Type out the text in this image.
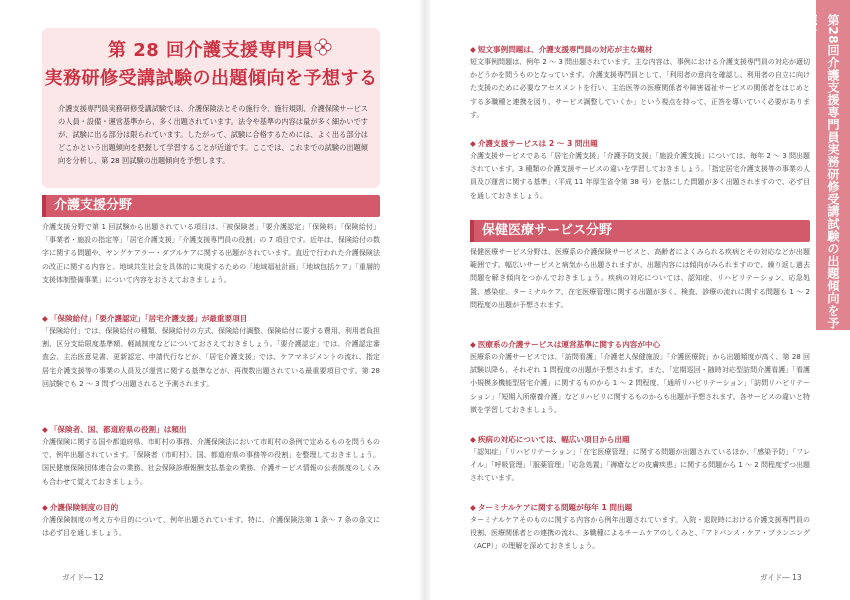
第 28 回介護支援専門員
実務研修受講試験の出題傾向を予想する
介護支援専門員実務研修受講試験では、介護保険法とその施行令、施行規則、介護保険サービスの人員・設備・運営基準から、多く出題されています。法令や基準の内容は量が多く細かいですが、試験に出る部分は限られています。したがって、試験に合格するためには、よく出る部分はどこかという出題傾向を把握して学習することが近道です。ここでは、これまでの試験の出題傾向を分析し、第 28 回試験の出題傾向を予想します。
介護支援分野
介護支援分野で第 1 回試験から出題されている項目は、「被保険者」「要介護認定」「保険料」「保険給付」「事業者・施設の指定等」「居宅介護支援」「介護支援専門員の役割」の 7 項目です。近年は、保険給付の数字に関する問題や、ヤングケアラー・ダブルケアに関する出題がされています。直近で行われた介護保険法の改正に関する内容と、地域共生社会を具体的に実現するための「地域福祉計画」「地域包括ケア」「重層的支援体制整備事業」について内容をおさえておきましょう。
◆ 「保険給付」「要介護認定」「居宅介護支援」が最重要項目
「保険給付」では、保険給付の種類、保険給付の方式、保険給付調整、保険給付に要する費用、利用者負担割、区分支給限度基準額、軽減制度などについておさえておきましょう。「要介護認定」では、介護認定審査会、主治医意見書、更新認定、申請代行などが、「居宅介護支援」では、ケアマネジメントの流れ、指定居宅介護支援等の事業の人員及び運営に関する基準などが、再復数出題されている最重要項目です。第 28 回試験でも 2 〜 3 問ずつ出題されると予測されます。
◆ 「保険者、国、都道府県の役割」は頻出
介護保険に関する国や都道府県、市町村の事務、介護保険法において市町村の条例で定めるものを問うもので、例年出題されています。「保険者（市町村）、国、都道府県の事務等の役割」を整理しておきましょう。国民健康保険団体連合会の業務、社会保険診療報酬支払基金の業務、介護サービス情報の公表制度のしくみも合わせて覚えておきましょう。
◆ 介護保険制度の目的
介護保険制度の考え方や目的について、例年出題されています。特に、介護保険法第 1 条〜 7 条の条文には必ず目を通しましょう。
ガイド― 12
◆ 短文事例問題は、介護支援専門員の対応が主な題材
短文事例問題は、例年 2 〜 3 問出題されています。主な内容は、事例における介護支援専門員の対応が適切かどうかを問うものとなっています。介護支援専門員として、「利用者の意向を確認し、利用者の自立に向けた支援のために必要なアセスメントを行い、主治医等の医療関係者や障害福祉サービスの関係者をはじめとする多職種と連携を図り、サービス調整していくか」という視点を持って、正答を導いていく必要があります。
◆ 介護支援サービスは 2 〜 3 問出題
介護支援サービスである「居宅介護支援」「介護予防支援」「施設介護支援」については、毎年 2 〜 3 問出題されています。3 種類の介護支援サービスの違いを学習しておきましょう。「指定居宅介護支援等の事業の人員及び運営に関する基準」（平成 11 年厚生省令第 38 号）を基にした問題が多く出題されますので、必ず目を通しておきましょう。
保健医療サービス分野
保健医療サービス分野は、医療系の介護保険サービスと、高齢者によくみられる疾病とその対応などが出題範囲です。幅広いサービスと病気から出題されますが、出題内容には傾向がみられますので、繰り返し過去問題を解き傾向をつかんでおきましょう。疾病の対応については、認知症、リハビリテーション、応急処置、感染症、ターミナルケア、在宅医療管理に関する出題が多く、検査、診療の流れに関する問題も 1 〜 2 問程度の出題が予想されます。
◆ 医療系の介護サービスは運営基準に関する内容が中心
医療系の介護サービスでは、「訪問看護」「介護老人保健施設」「介護医療院」から出題頻度が高く、第 28 回試験以降も、それぞれ 1 問程度の出題が予想されます。また、「定期巡回・随時対応型訪問介護看護」「看護小規模多機能型居宅介護」に関するものから 1 〜 2 問程度、「通所リハビリテーション」「訪問リハビリテーション」「短期入所療養介護」などリハビリに関するものからも出題が予想されます。各サービスの違いと特徴を学習しておきましょう。
◆ 疾病の対応については、幅広い項目から出題
「認知症」「リハビリテーション」「在宅医療管理」に関する問題が出題されているほか、「感染予防」「フレイル」「呼吸管理」「服薬管理」「応急処置」「褥瘡などの皮膚疾患」に関する問題から 1 〜 2 問程度ずつ出題されています。
◆ ターミナルケアに関する問題が毎年 1 問出題
ターミナルケアそのものに関する内容から例年出題されています。入院・退院時における介護支援専門員の役割、医療関係者との連携の流れ、多職種によるチームケアのしくみと、「アドバンス・ケア・プランニング（ACP）」の理解を深めておきましょう。
ガイド― 13
第28回介護支援専門員実務研修受講試験の出題傾向を予想する
